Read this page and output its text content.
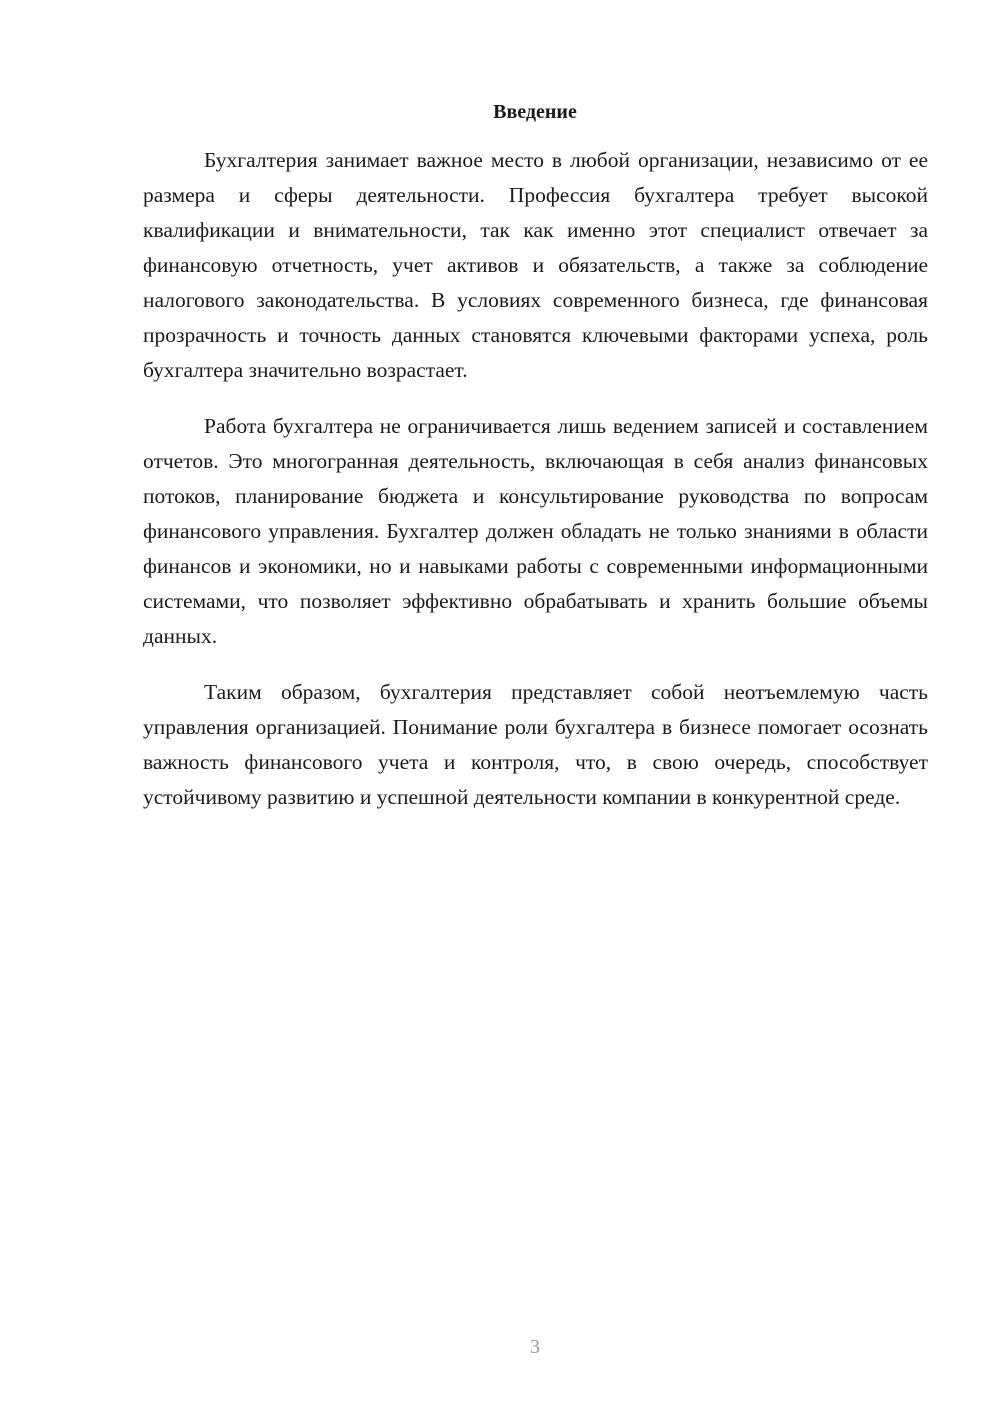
Введение

Бухгалтерия занимает важное место в любой организации, независимо от ее размера и сферы деятельности. Профессия бухгалтера требует высокой квалификации и внимательности, так как именно этот специалист отвечает за финансовую отчетность, учет активов и обязательств, а также за соблюдение налогового законодательства. В условиях современного бизнеса, где финансовая прозрачность и точность данных становятся ключевыми факторами успеха, роль бухгалтера значительно возрастает.

Работа бухгалтера не ограничивается лишь ведением записей и составлением отчетов. Это многогранная деятельность, включающая в себя анализ финансовых потоков, планирование бюджета и консультирование руководства по вопросам финансового управления. Бухгалтер должен обладать не только знаниями в области финансов и экономики, но и навыками работы с современными информационными системами, что позволяет эффективно обрабатывать и хранить большие объемы данных.

Таким образом, бухгалтерия представляет собой неотъемлемую часть управления организацией. Понимание роли бухгалтера в бизнесе помогает осознать важность финансового учета и контроля, что, в свою очередь, способствует устойчивому развитию и успешной деятельности компании в конкурентной среде.

3
